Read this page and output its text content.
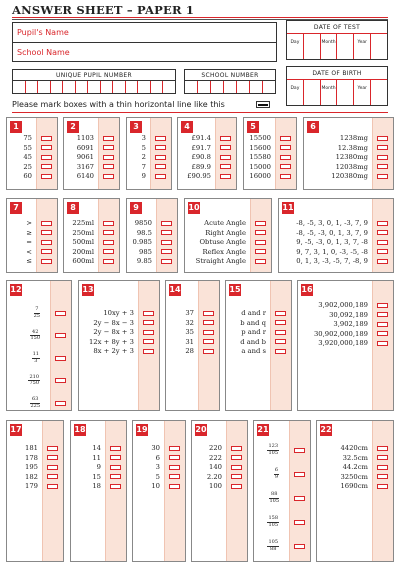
ANSWER SHEET – PAPER 1
Pupil's Name
School Name
DATE OF TEST
Day	Month	Year
UNIQUE PUPIL NUMBER	SCHOOL NUMBER	DATE OF BIRTH
Day	Month	Year
Please mark boxes with a thin horizontal line like this
1
75
55
45
25
60
2
1103
6091
9061
3167
6140
3
3
5
2
7
9
4
£91.4
£91.7
£90.8
£89.9
£90.95
5
15500
15600
15580
15000
16000
6
1238mg
12.38mg
12380mg
12038mg
120380mg
7
>
≥
=
<
≤
8
225ml
250ml
500ml
200ml
600ml
9
9850
98.5
0.985
985
9.85
10
Acute Angle
Right Angle
Obtuse Angle
Reflex Angle
Straight Angle
11
-8, -5, 3, 0, 1, -3, 7, 9
-8, -5, -3, 0, 1, 3, 7, 9
9, -5, -3, 0, 1, 3, 7, -8
9, 7, 3, 1, 0, -3, -5, -8
0, 1, 3, -3, -5, 7, -8, 9
12
$\frac{7}{25}$
$\frac{42}{150}$
$\frac{11}{3}$
$\frac{210}{750}$
$\frac{63}{225}$
13
10xy + 3
2y − 8x − 3
2y − 8x + 3
12x + 8y + 3
8x + 2y + 3
14
37
32
35
31
28
15
d and r
b and q
p and r
d and b
a and s
16
3,902,000,189
30,092,189
3,902,189
30,902,000,189
3,920,000,189
17
181
178
195
182
179
18
14
11
9
15
18
19
30
6
3
5
10
20
220
222
140
2.20
100
21
$\frac{123}{105}$
$\frac{6}{9}$
$\frac{88}{105}$
$\frac{158}{105}$
$\frac{105}{88}$
22
4420cm
32.5cm
44.2cm
3250cm
1690cm
